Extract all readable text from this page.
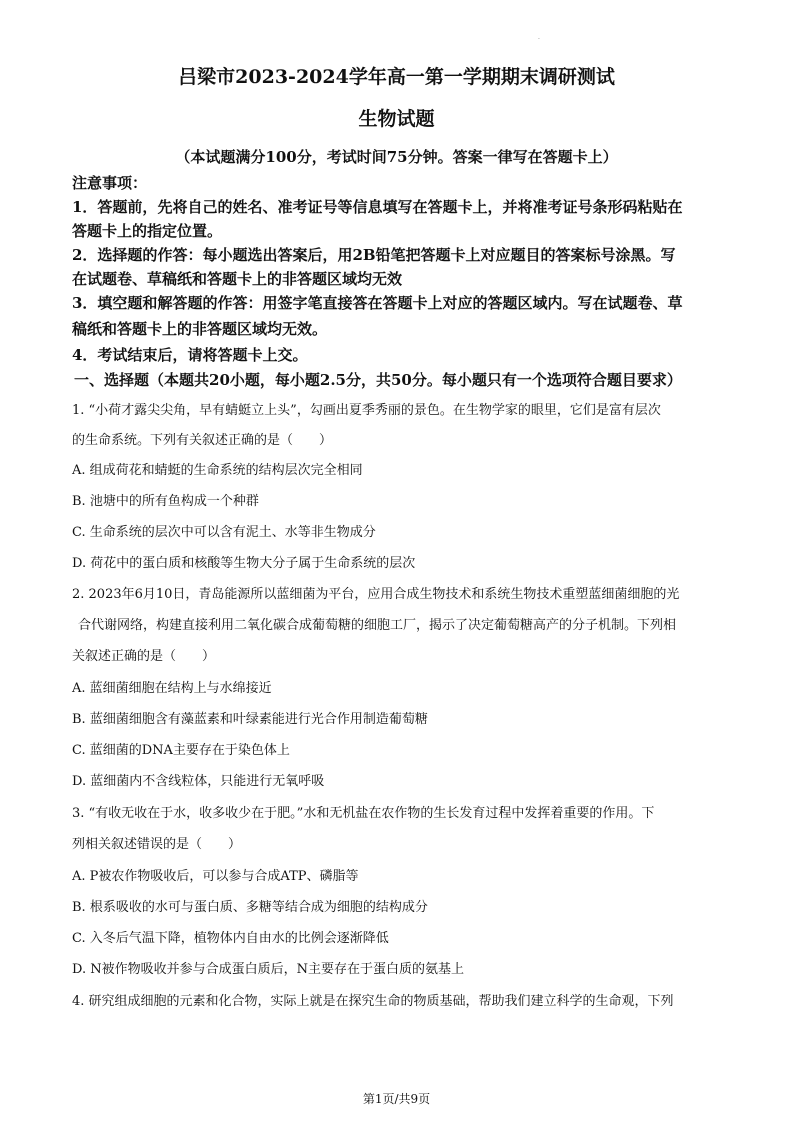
.
吕梁市2023-2024学年高一第一学期期末调研测试
生物试题
（本试题满分100分，考试时间75分钟。答案一律写在答题卡上）
注意事项：
1．答题前，先将自己的姓名、准考证号等信息填写在答题卡上，并将准考证号条形码粘贴在
答题卡上的指定位置。
2．选择题的作答：每小题选出答案后，用2B铅笔把答题卡上对应题目的答案标号涂黑。写
在试题卷、草稿纸和答题卡上的非答题区域均无效
3．填空题和解答题的作答：用签字笔直接答在答题卡上对应的答题区域内。写在试题卷、草
稿纸和答题卡上的非答题区域均无效。
4．考试结束后，请将答题卡上交。
一、选择题（本题共20小题，每小题2.5分，共50分。每小题只有一个选项符合题目要求）
1. “小荷才露尖尖角，早有蜻蜓立上头”，勾画出夏季秀丽的景色。在生物学家的眼里，它们是富有层次
的生命系统。下列有关叙述正确的是（　　）
A. 组成荷花和蜻蜓的生命系统的结构层次完全相同
B. 池塘中的所有鱼构成一个种群
C. 生命系统的层次中可以含有泥土、水等非生物成分
D. 荷花中的蛋白质和核酸等生物大分子属于生命系统的层次
2. 2023年6月10日，青岛能源所以蓝细菌为平台，应用合成生物技术和系统生物技术重塑蓝细菌细胞的光
合代谢网络，构建直接利用二氧化碳合成葡萄糖的细胞工厂，揭示了决定葡萄糖高产的分子机制。下列相
关叙述正确的是（　　）
A. 蓝细菌细胞在结构上与水绵接近
B. 蓝细菌细胞含有藻蓝素和叶绿素能进行光合作用制造葡萄糖
C. 蓝细菌的DNA主要存在于染色体上
D. 蓝细菌内不含线粒体，只能进行无氧呼吸
3. “有收无收在于水，收多收少在于肥。”水和无机盐在农作物的生长发育过程中发挥着重要的作用。下
列相关叙述错误的是（　　）
A. P被农作物吸收后，可以参与合成ATP、磷脂等
B. 根系吸收的水可与蛋白质、多糖等结合成为细胞的结构成分
C. 入冬后气温下降，植物体内自由水的比例会逐渐降低
D. N被作物吸收并参与合成蛋白质后，N主要存在于蛋白质的氨基上
4. 研究组成细胞的元素和化合物，实际上就是在探究生命的物质基础，帮助我们建立科学的生命观，下列
第1页/共9页
